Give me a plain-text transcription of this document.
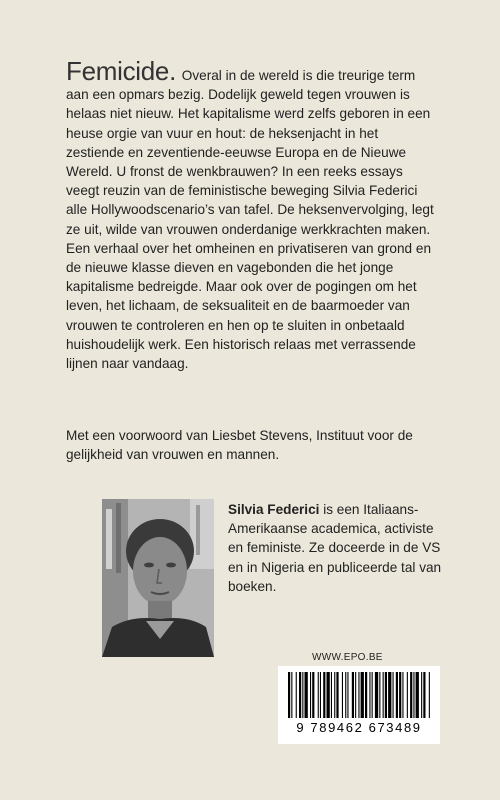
Femicide. Overal in de wereld is die treurige term aan een opmars bezig. Dodelijk geweld tegen vrouwen is helaas niet nieuw. Het kapitalisme werd zelfs geboren in een heuse orgie van vuur en hout: de heksenjacht in het zestiende en zeventiende-eeuwse Europa en de Nieuwe Wereld. U fronst de wenkbrauwen? In een reeks essays veegt reuzin van de feministische beweging Silvia Federici alle Hollywoodscenario’s van tafel. De heksenvervolging, legt ze uit, wilde van vrouwen onderdanige werkkrachten maken. Een verhaal over het omheinen en privatiseren van grond en de nieuwe klasse dieven en vagebonden die het jonge kapitalisme bedreigde. Maar ook over de pogingen om het leven, het lichaam, de seksualiteit en de baarmoeder van vrouwen te controleren en hen op te sluiten in onbetaald huishoudelijk werk. Een historisch relaas met verrassende lijnen naar vandaag.

Met een voorwoord van Liesbet Stevens, Instituut voor de gelijkheid van vrouwen en mannen.

Silvia Federici is een Italiaans-Amerikaanse academica, activiste en feministe. Ze doceerde in de VS en in Nigeria en publiceerde tal van boeken.

WWW.EPO.BE
9 789462 673489
